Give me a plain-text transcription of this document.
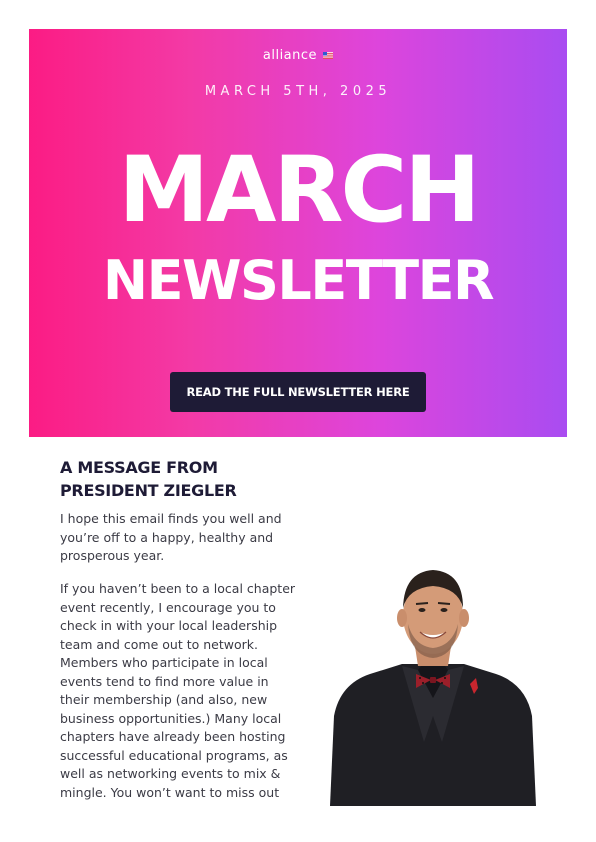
alliance
MARCH 5TH, 2025
MARCH
NEWSLETTER
READ THE FULL NEWSLETTER HERE
A MESSAGE FROM
PRESIDENT ZIEGLER

I hope this email finds you well and you’re off to a happy, healthy and prosperous year.

If you haven’t been to a local chapter event recently, I encourage you to check in with your local leadership team and come out to network. Members who participate in local events tend to find more value in their membership (and also, new business opportunities.) Many local chapters have already been hosting successful educational programs, as well as networking events to mix & mingle. You won’t want to miss out
